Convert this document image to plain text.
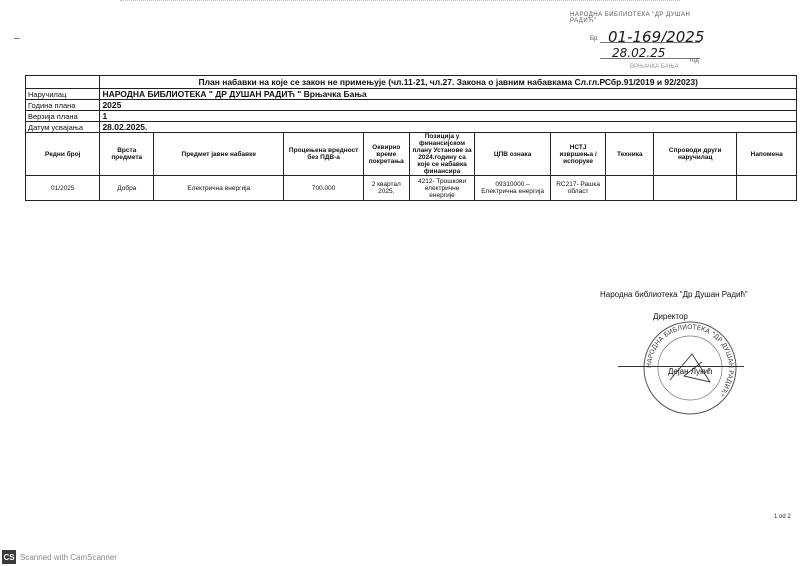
–
НАРОДНА БИБЛИОТЕКА "ДР ДУШАН РАДИЋ"
Бр. 01-169/2025
28.02.25
год
ВРЊАЧКА БАЊА
	План набавки на које се закон не примењује (чл.11-21, чл.27. Закона о јавним набавкама Сл.гл.РСбр.91/2019 и 92/2023)									
Наручилац	НАРОДНА БИБЛИОТЕКА " ДР ДУШАН РАДИЋ " Врњачка Бања									
Година плана	2025									
Верзија плана	1									
Датум усвајања	28.02.2025.									
Редни број	Врста предмета	Предмет јавне набавке	Процењена вредност без ПДВ-а	Оквирно време покретања	Позиција у финансијском плану Установе за 2024.годину са које се набавка финансира	ЦПВ ознака	НСТЈ извршења / испоруке	Техника	Спроводи други наручилац	Напомена
01/2025	Добра	Електрична енергија	700.000	2 квартал 2025.	4212- Трошкови електричне енергије	09310000 – Електрична енергија	RC217- Рашка област			
Народна библиотека "Др Душан Радић"
Директор
НАРОДНА БИБЛИОТЕКА "ДР ДУШАН РАДИЋ"
Дејан Лукић
1 od 2
CS Scanned with CamScanner
